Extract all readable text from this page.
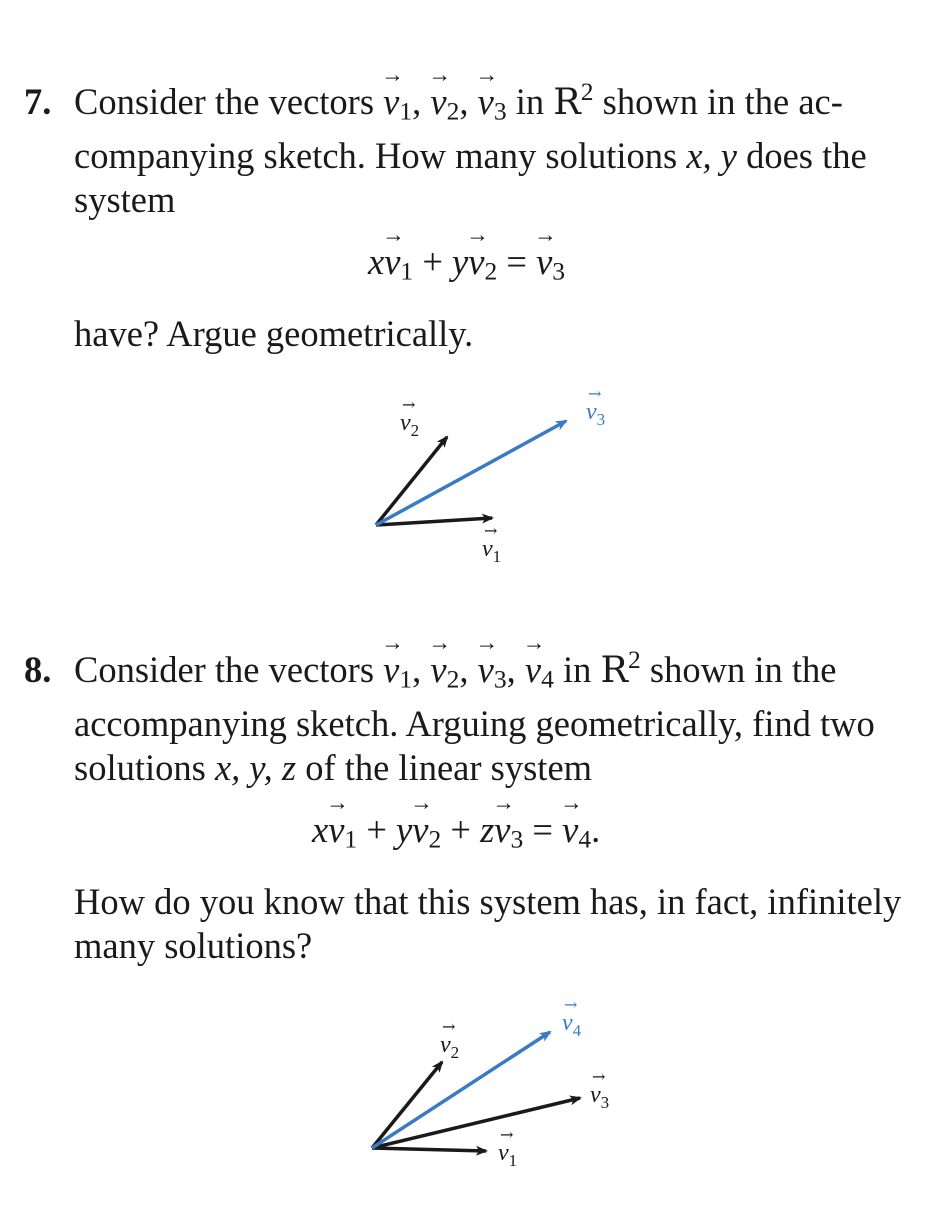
7. Consider the vectors
→
$v_1$,
→
$v_2$,
→
$v_3$ in $R^2$ shown in the ac-
companying sketch. How many solutions x, y does the
system

x
→
$v_1 + y$
→
$v_2$ =
→
$v_3$
have? Argue geometrically.
$v_2$
→	$v_3$
→
$v_1$
→

8. Consider the vectors
→
$v_1$,
→
$v_2$,
→
$v_3$,
→
$v_4$ in $R^2$ shown in the
accompanying sketch. Arguing geometrically, find two
solutions x, y, z of the linear system

x
→
$v_1 + y$
→
$v_2 + z$
→
$v_3$ =
→
$v_4$.
How do you know that this system has, in fact, infinitely
many solutions?
$v_2$
→	$v_4$
→
$v_3$
→
$v_1$
→
